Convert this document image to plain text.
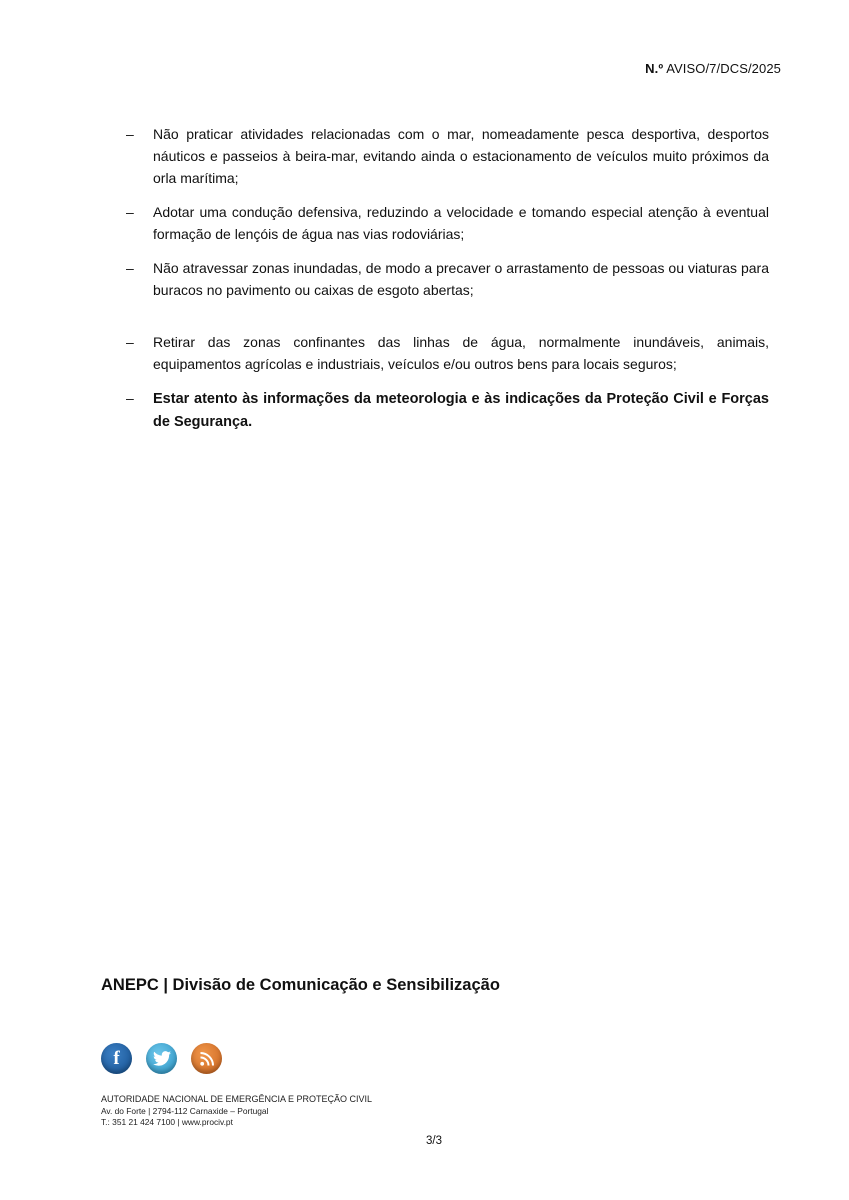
N.º AVISO/7/DCS/2025
–	Não praticar atividades relacionadas com o mar, nomeadamente pesca desportiva, desportos náuticos e passeios à beira-mar, evitando ainda o estacionamento de veículos muito próximos da orla marítima;
–	Adotar uma condução defensiva, reduzindo a velocidade e tomando especial atenção à eventual formação de lençóis de água nas vias rodoviárias;
–	Não atravessar zonas inundadas, de modo a precaver o arrastamento de pessoas ou viaturas para buracos no pavimento ou caixas de esgoto abertas;
–	Retirar das zonas confinantes das linhas de água, normalmente inundáveis, animais, equipamentos agrícolas e industriais, veículos e/ou outros bens para locais seguros;
– Estar atento às informações da meteorologia e às indicações da Proteção Civil e Forças de Segurança.
ANEPC | Divisão de Comunicação e Sensibilização
f
AUTORIDADE NACIONAL DE EMERGÊNCIA E PROTEÇÃO CIVIL
Av. do Forte | 2794-112 Carnaxide – Portugal
T.: 351 21 424 7100 | www.prociv.pt
3/3
